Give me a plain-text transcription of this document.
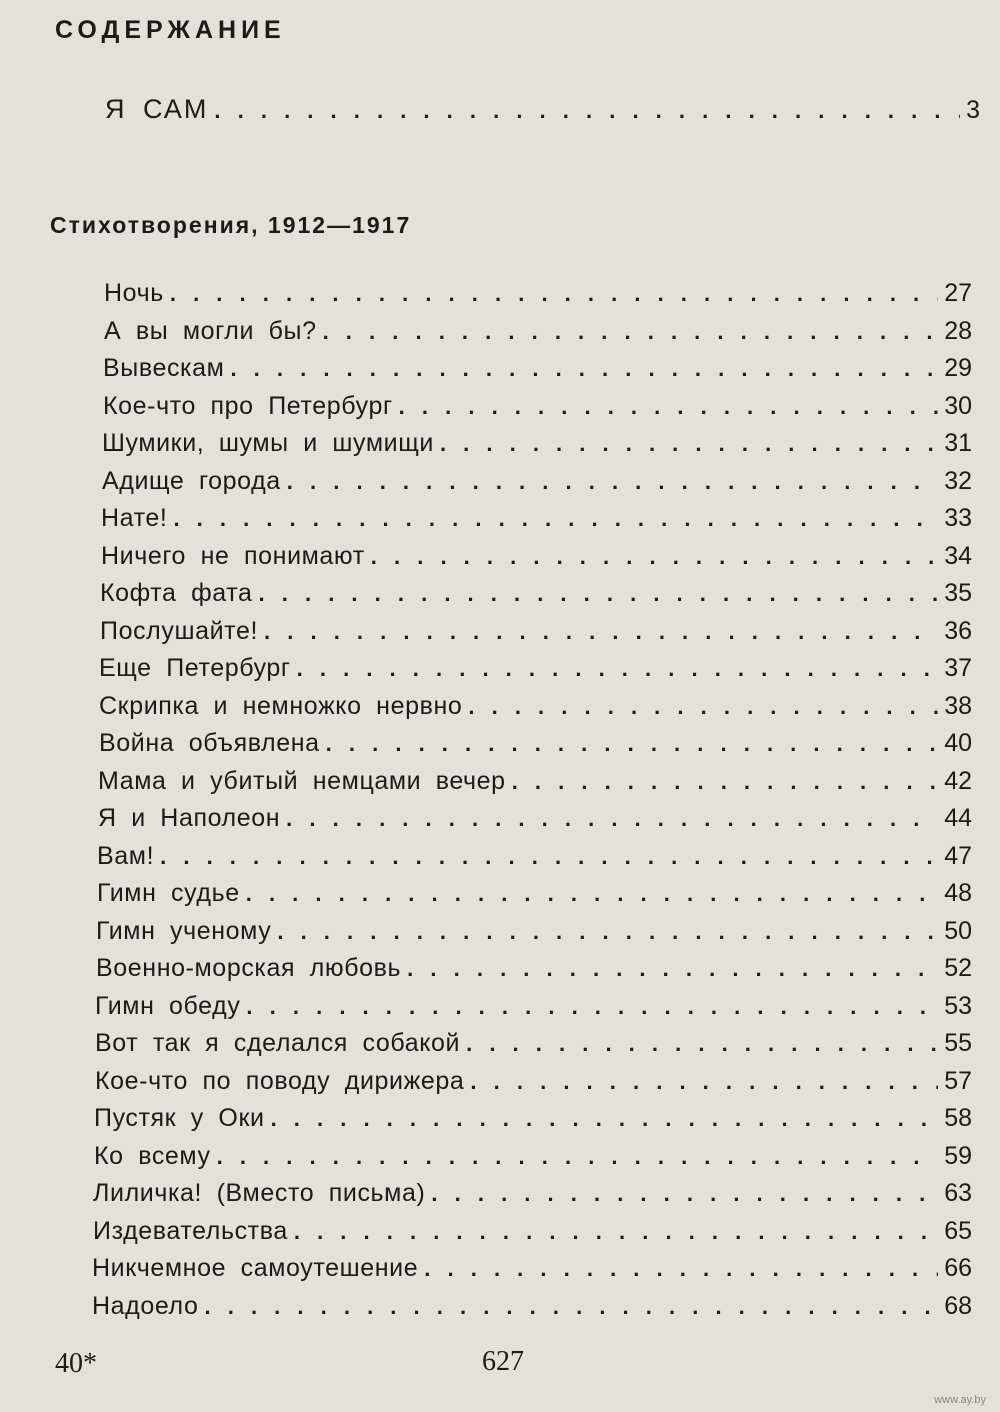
СОДЕРЖАНИЕ
Я САМ . . .	3
Стихотворения, 1912—1917
Ночь . . .	27
А вы могли бы? . . .	28
Вывескам . . .	29
Кое-что про Петербург . . .	30
Шумики, шумы и шумищи . . .	31
Адище города . . .	32
Нате! . . .	33
Ничего не понимают . . .	34
Кофта фата . . .	35
Послушайте! . . .	36
Еще Петербург . . .	37
Скрипка и немножко нервно . . .	38
Война объявлена . . .	40
Мама и убитый немцами вечер . . .	42
Я и Наполеон . . .	44
Вам! . . .	47
Гимн судье . . .	48
Гимн ученому . . .	50
Военно-морская любовь . . .	52
Гимн обеду . . .	53
Вот так я сделался собакой . . .	55
Кое-что по поводу дирижера . . .	57
Пустяк у Оки . . .	58
Ко всему . . .	59
Лиличка! (Вместо письма) . . .	63
Издевательства . . .	65
Никчемное самоутешение . . .	66
Надоело . . .	68
40*	627
www.ay.by
